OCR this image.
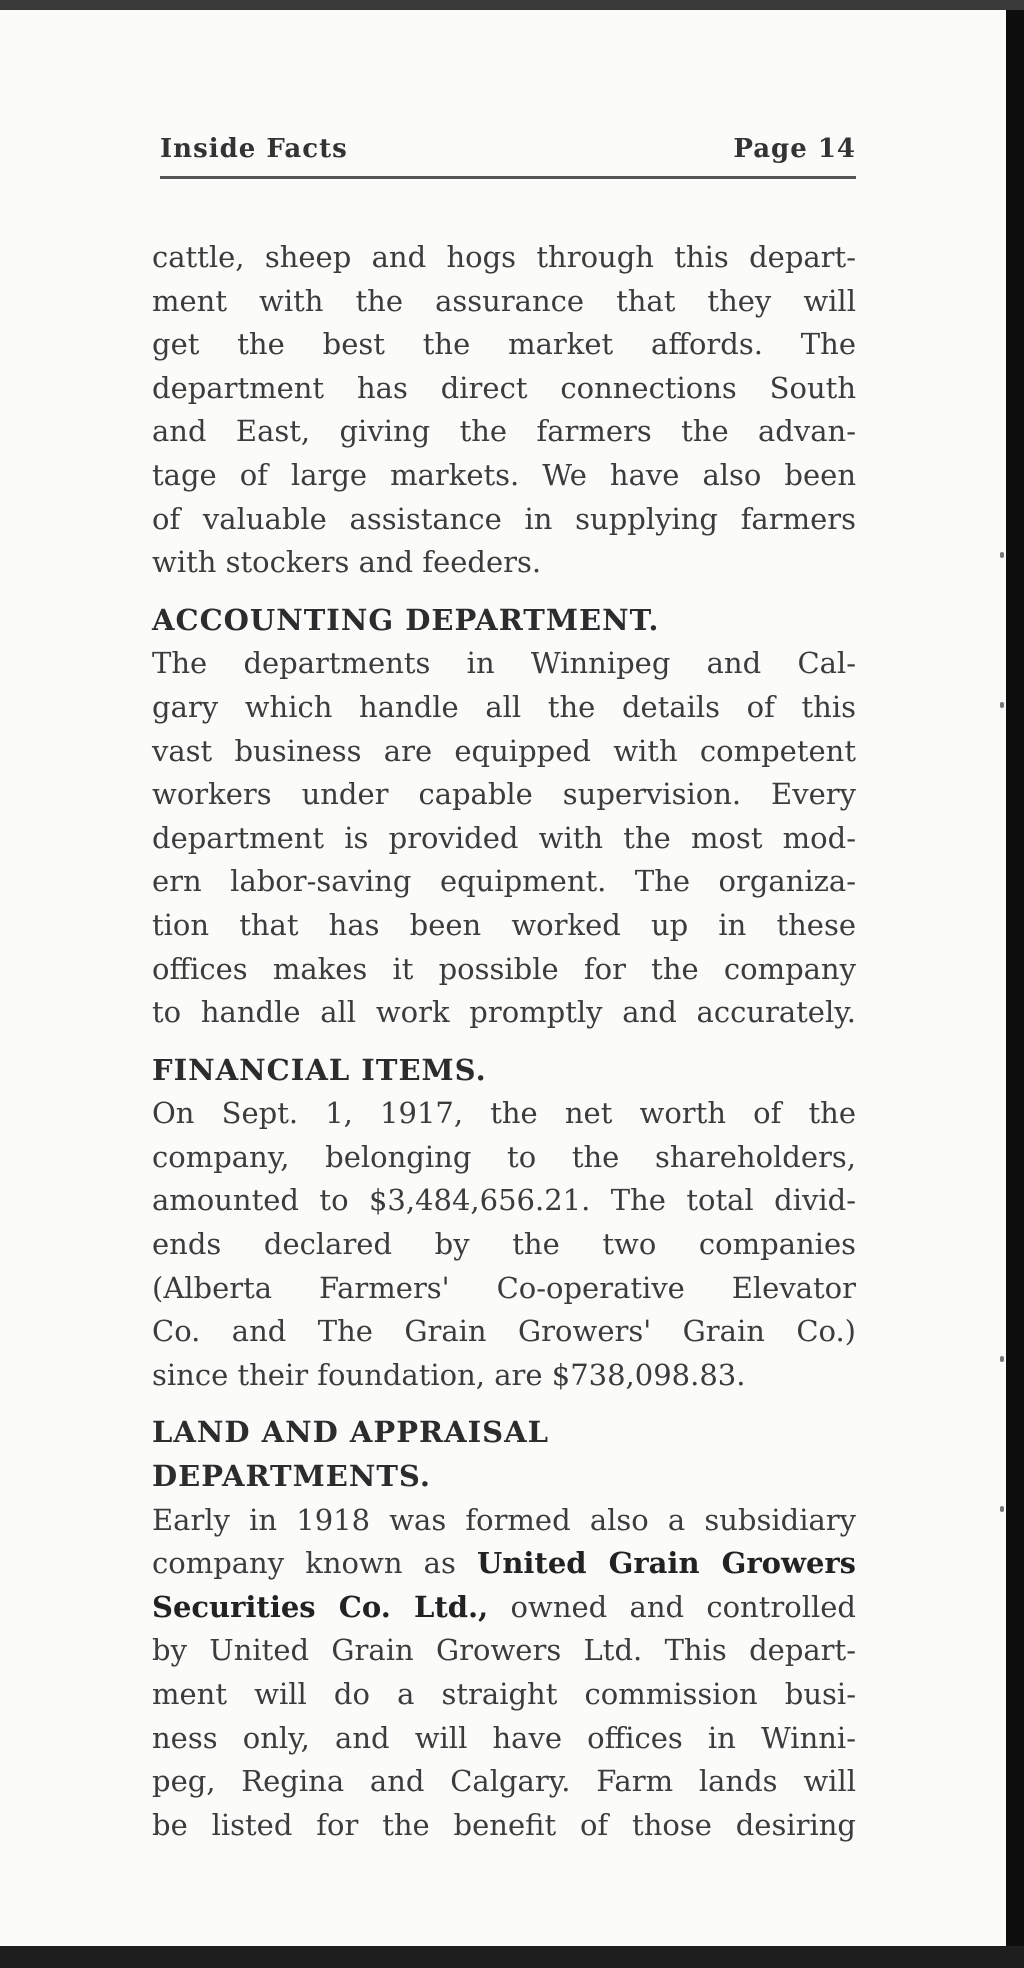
Inside Facts	Page 14
cattle, sheep and hogs through this depart-
ment with the assurance that they will
get the best the market affords. The
department has direct connections South
and East, giving the farmers the advan-
tage of large markets. We have also been
of valuable assistance in supplying farmers
with stockers and feeders.
ACCOUNTING DEPARTMENT.
The departments in Winnipeg and Cal-
gary which handle all the details of this
vast business are equipped with competent
workers under capable supervision. Every
department is provided with the most mod-
ern labor-saving equipment. The organiza-
tion that has been worked up in these
offices makes it possible for the company
to handle all work promptly and accurately.
FINANCIAL ITEMS.
On Sept. 1, 1917, the net worth of the
company, belonging to the shareholders,
amounted to $3,484,656.21. The total divid-
ends declared by the two companies
(Alberta Farmers' Co-operative Elevator
Co. and The Grain Growers' Grain Co.)
since their foundation, are $738,098.83.
LAND AND APPRAISAL
DEPARTMENTS.
Early in 1918 was formed also a subsidiary
company known as United Grain Growers
Securities Co. Ltd., owned and controlled
by United Grain Growers Ltd. This depart-
ment will do a straight commission busi-
ness only, and will have offices in Winni-
peg, Regina and Calgary. Farm lands will
be listed for the benefit of those desiring
